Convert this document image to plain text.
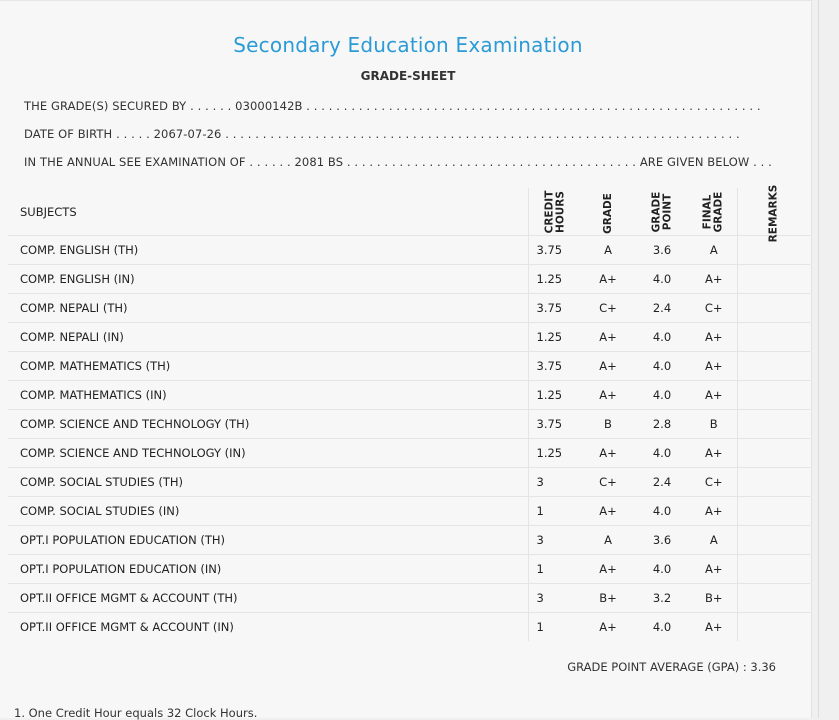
Secondary Education Examination
GRADE-SHEET
THE GRADE(S) SECURED BY . . . . . . 03000142B . . . . . . . . . . . . . . . . . . . . . . . . . . . . . . . . . . . . . . . . . . . . . . . . . . . . . . . . . . . . .
DATE OF BIRTH . . . . . 2067-07-26 . . . . . . . . . . . . . . . . . . . . . . . . . . . . . . . . . . . . . . . . . . . . . . . . . . . . . . . . . . . . . . . . . . . . .
IN THE ANNUAL SEE EXAMINATION OF . . . . . . 2081 BS . . . . . . . . . . . . . . . . . . . . . . . . . . . . . . . . . . . . . . . ARE GIVEN BELOW . . .
SUBJECTS	CREDIT HOURS	GRADE	GRADE POINT	FINAL GRADE	REMARKS

COMP. ENGLISH (TH)	3.75	A	3.6	A	
COMP. ENGLISH (IN)	1.25	A+	4.0	A+	
COMP. NEPALI (TH)	3.75	C+	2.4	C+	
COMP. NEPALI (IN)	1.25	A+	4.0	A+	
COMP. MATHEMATICS (TH)	3.75	A+	4.0	A+	
COMP. MATHEMATICS (IN)	1.25	A+	4.0	A+	
COMP. SCIENCE AND TECHNOLOGY (TH)	3.75	B	2.8	B	
COMP. SCIENCE AND TECHNOLOGY (IN)	1.25	A+	4.0	A+	
COMP. SOCIAL STUDIES (TH)	3	C+	2.4	C+	
COMP. SOCIAL STUDIES (IN)	1	A+	4.0	A+	
OPT.I POPULATION EDUCATION (TH)	3	A	3.6	A	
OPT.I POPULATION EDUCATION (IN)	1	A+	4.0	A+	
OPT.II OFFICE MGMT & ACCOUNT (TH)	3	B+	3.2	B+	
OPT.II OFFICE MGMT & ACCOUNT (IN)	1	A+	4.0	A+	
GRADE POINT AVERAGE (GPA) : 3.36
1. One Credit Hour equals 32 Clock Hours.
